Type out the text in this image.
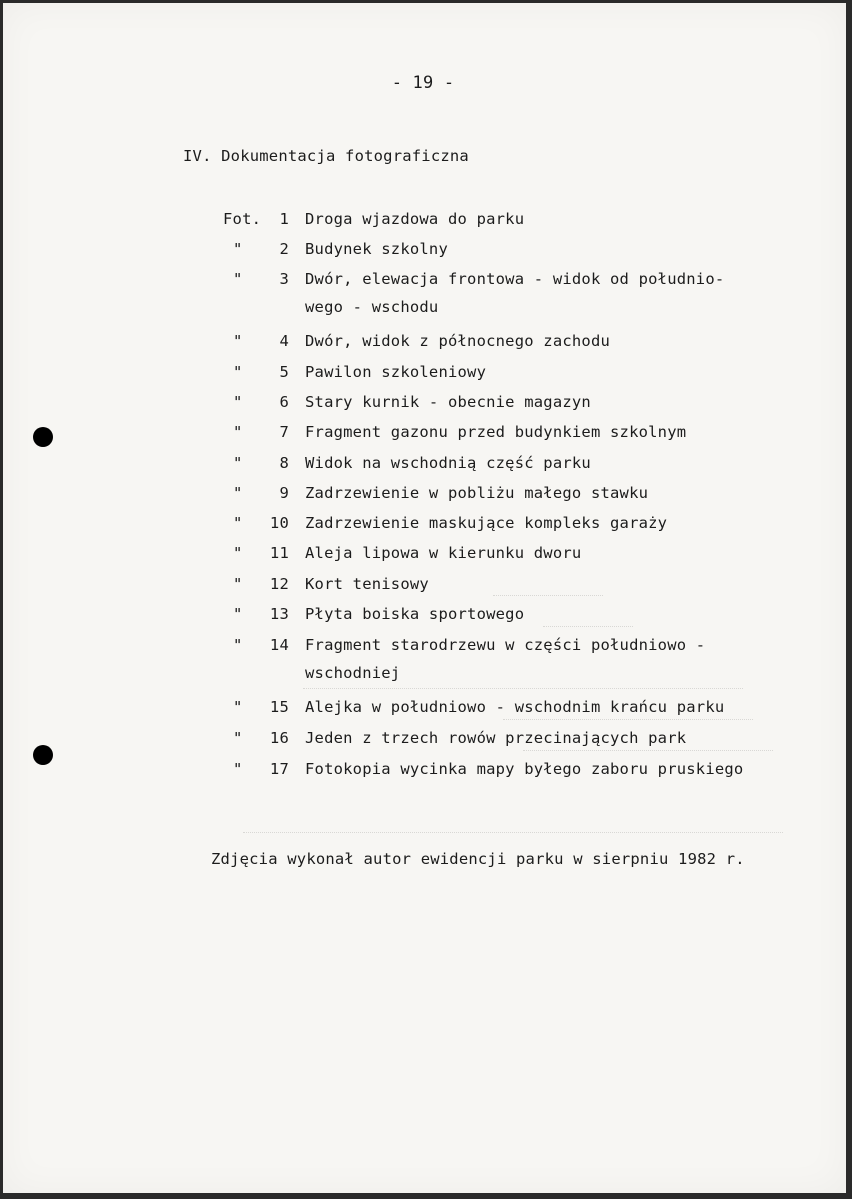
- 19 -
IV. Dokumentacja fotograficzna
Fot.	1 Droga wjazdowa do parku
"	2 Budynek szkolny
"	3 Dwór, elewacja frontowa - widok od południo-
wego - wschodu
"	4 Dwór, widok z północnego zachodu
"	5 Pawilon szkoleniowy
"	6 Stary kurnik - obecnie magazyn
"	7 Fragment gazonu przed budynkiem szkolnym
"	8 Widok na wschodnią część parku
"	9 Zadrzewienie w pobliżu małego stawku
"	10 Zadrzewienie maskujące kompleks garaży
"	11 Aleja lipowa w kierunku dworu
"	12 Kort tenisowy
"	13 Płyta boiska sportowego
"	14 Fragment starodrzewu w części południowo -
wschodniej
"	15 Alejka w południowo - wschodnim krańcu parku
"	16 Jeden z trzech rowów przecinających park
"	17 Fotokopia wycinka mapy byłego zaboru pruskiego
Zdjęcia wykonał autor ewidencji parku w sierpniu 1982 r.
